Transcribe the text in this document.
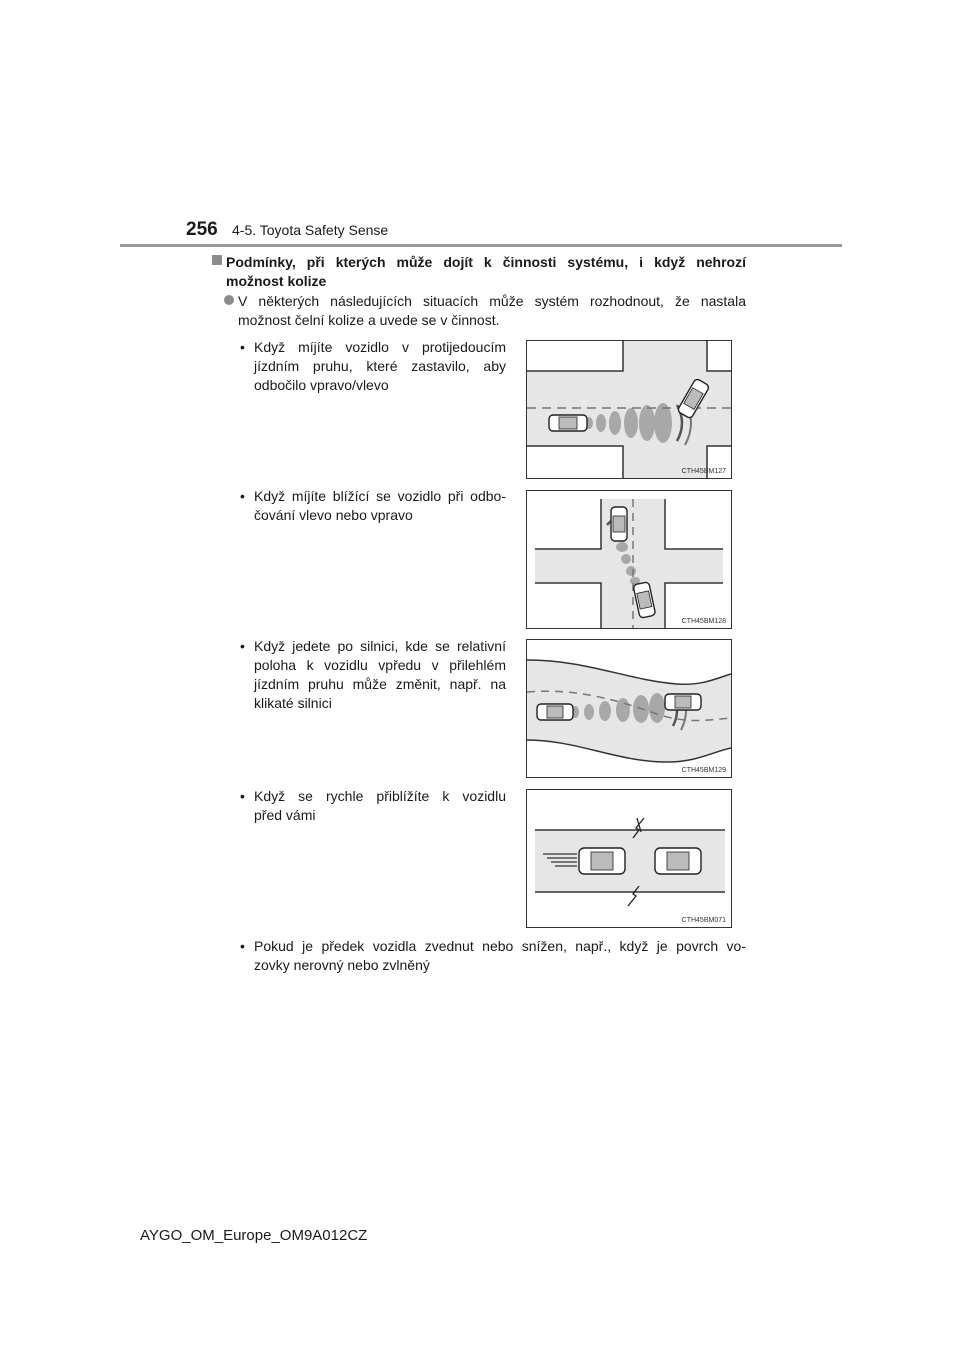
256 4-5. Toyota Safety Sense
Podmínky, při kterých může dojít k činnosti systému, i když nehrozí
možnost kolize
V některých následujících situacích může systém rozhodnout, že nastala
možnost čelní kolize a uvede se v činnost.
• Když míjíte vozidlo v protijedoucím
jízdním pruhu, které zastavilo, aby
odbočilo vpravo/vlevo
CTH45BM127
• Když míjíte blížící se vozidlo při odbo-
čování vlevo nebo vpravo
CTH45BM128
• Když jedete po silnici, kde se relativní
poloha k vozidlu vpředu v přilehlém
jízdním pruhu může změnit, např. na
klikaté silnici
CTH45BM129
• Když se rychle přiblížíte k vozidlu
před vámi
CTH45BM071
• Pokud je předek vozidla zvednut nebo snížen, např., když je povrch vo-
zovky nerovný nebo zvlněný
AYGO_OM_Europe_OM9A012CZ
